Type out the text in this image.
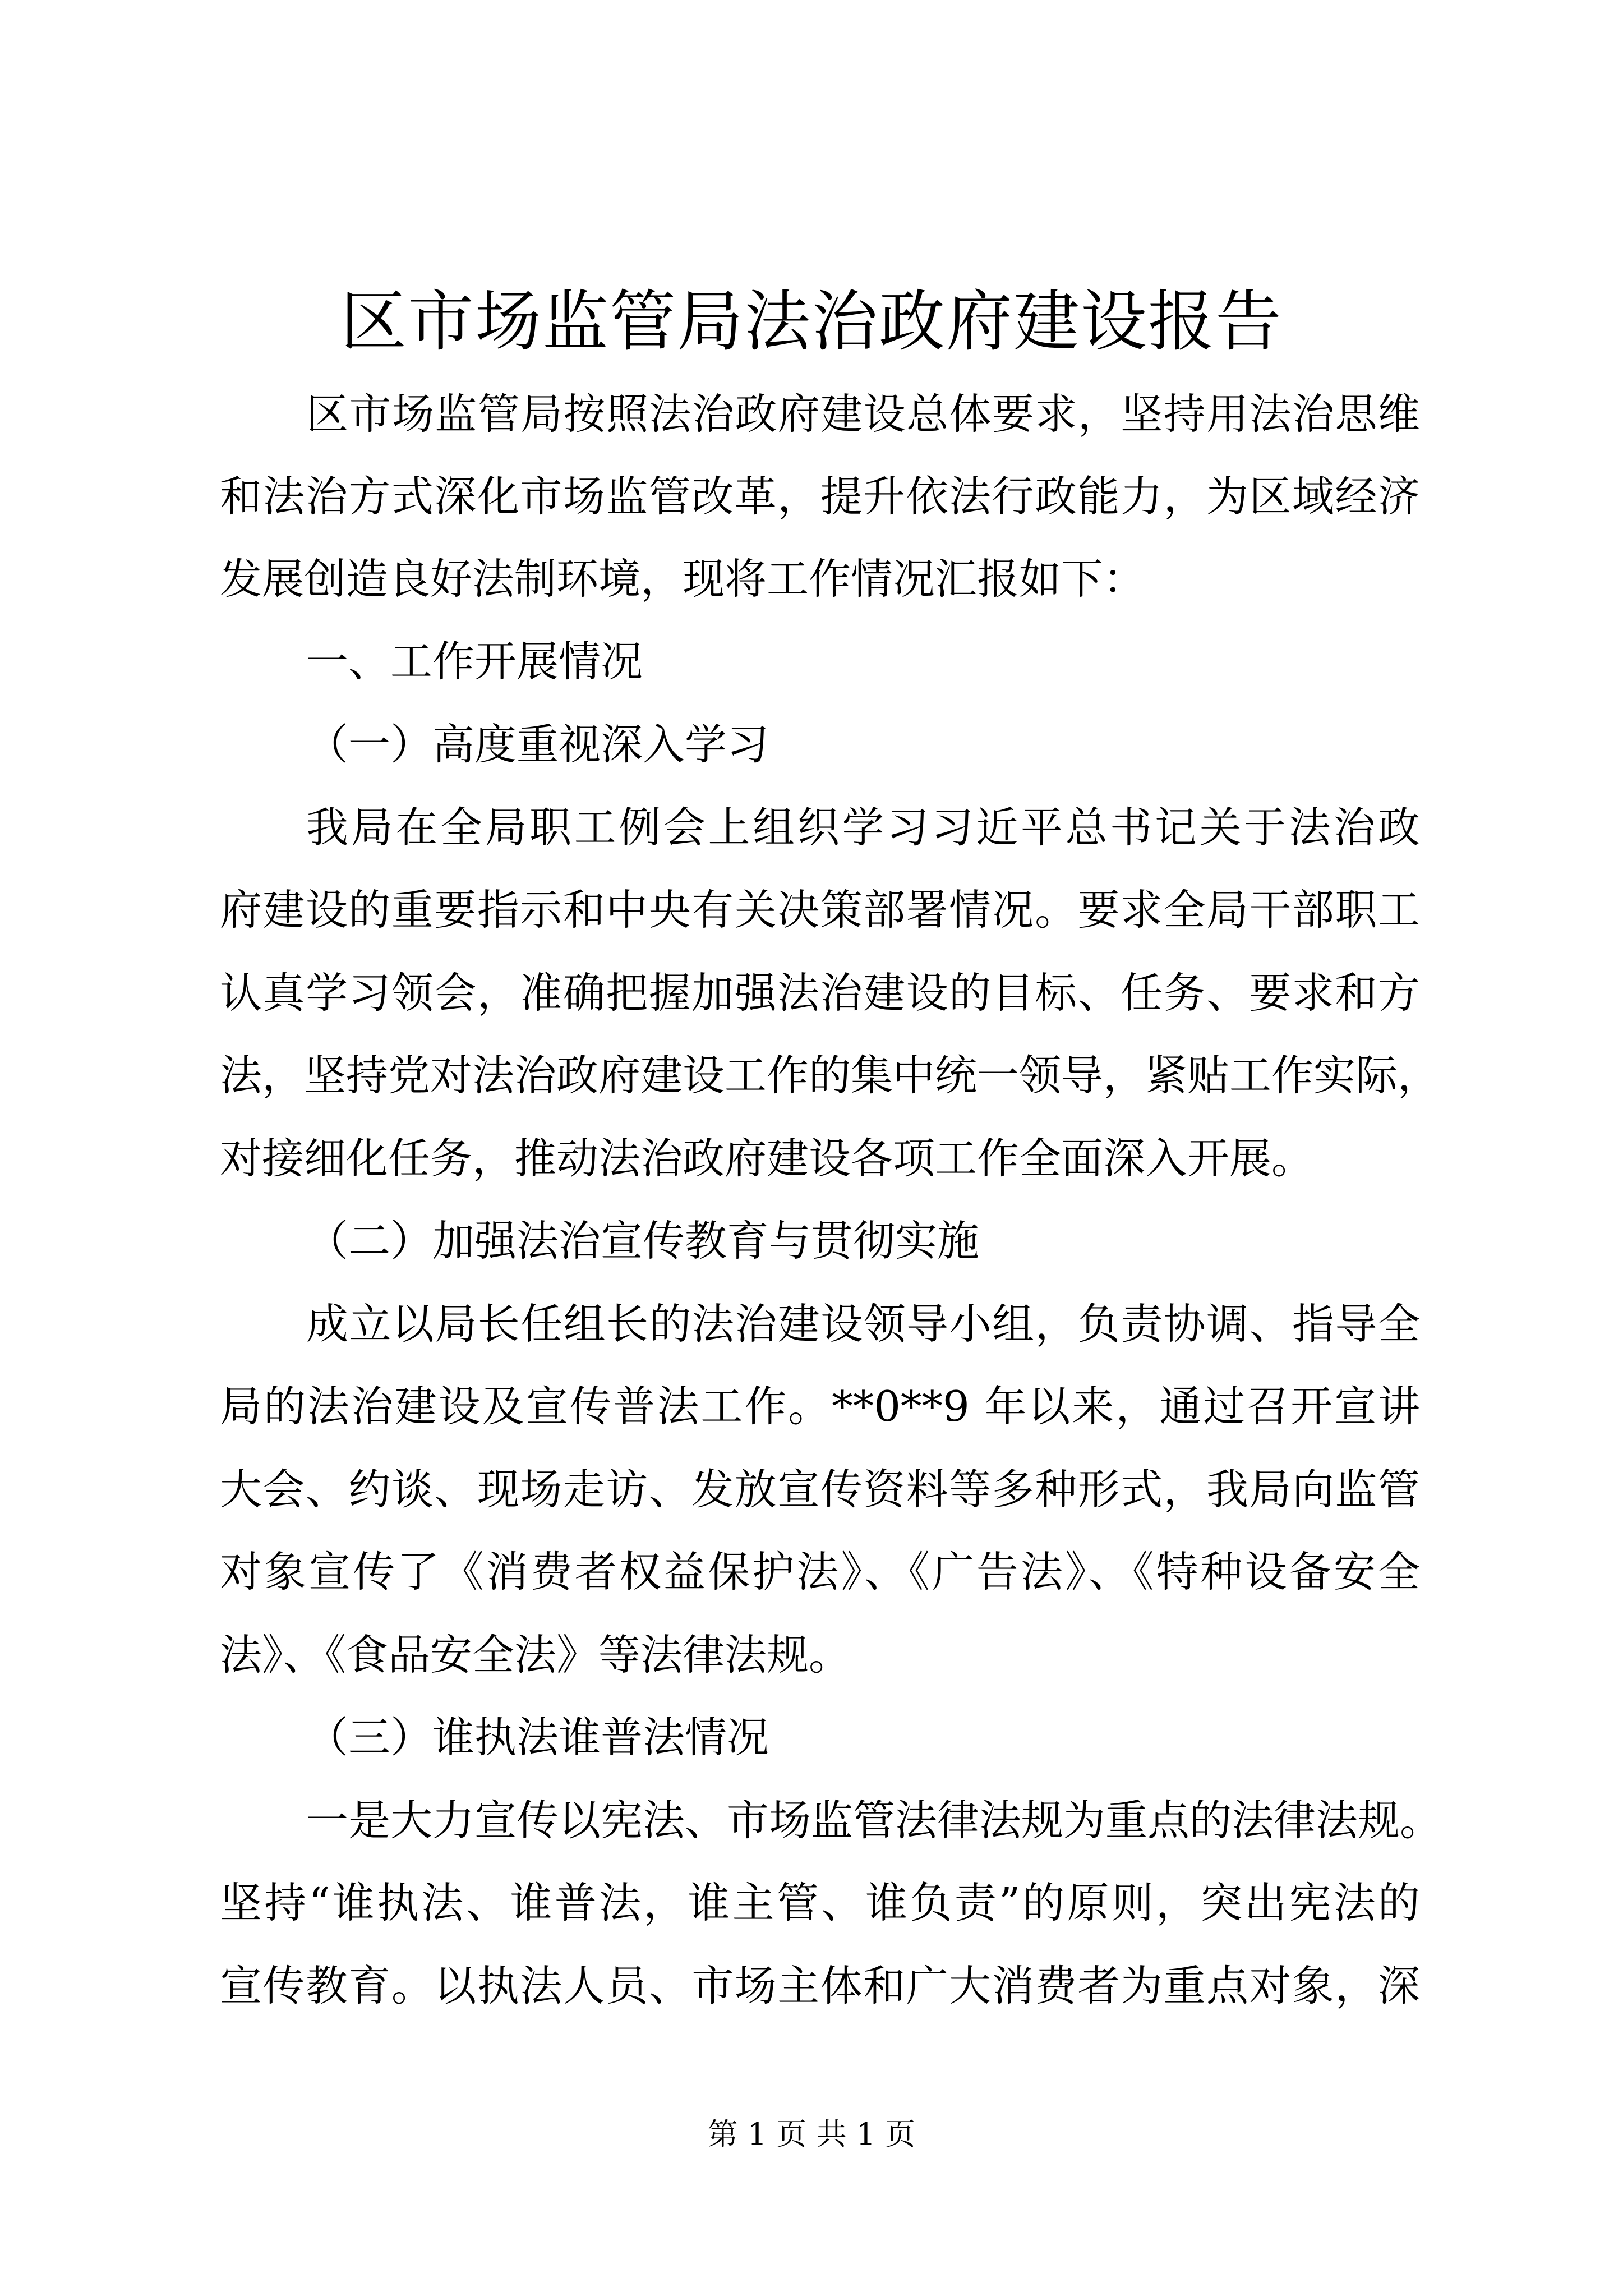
区市场监管局法治政府建设报告

区市场监管局按照法治政府建设总体要求，坚持用法治思维

和法治方式深化市场监管改革，提升依法行政能力，为区域经济

发展创造良好法制环境，现将工作情况汇报如下：

一、工作开展情况

（一）高度重视深入学习

我局在全局职工例会上组织学习习近平总书记关于法治政

府建设的重要指示和中央有关决策部署情况。要求全局干部职工

认真学习领会，准确把握加强法治建设的目标、任务、要求和方

法，坚持党对法治政府建设工作的集中统一领导，紧贴工作实际，

对接细化任务，推动法治政府建设各项工作全面深入开展。

（二）加强法治宣传教育与贯彻实施

成立以局长任组长的法治建设领导小组，负责协调、指导全

局的法治建设及宣传普法工作。**0**9 年以来，通过召开宣讲

大会、约谈、现场走访、发放宣传资料等多种形式，我局向监管

对象宣传了《消费者权益保护法》、《广告法》、《特种设备安全

法》、《食品安全法》等法律法规。

（三）谁执法谁普法情况

一是大力宣传以宪法、市场监管法律法规为重点的法律法规。

坚持“谁执法、谁普法，谁主管、谁负责”的原则，突出宪法的

宣传教育。以执法人员、市场主体和广大消费者为重点对象，深

第 1 页 共 1 页
